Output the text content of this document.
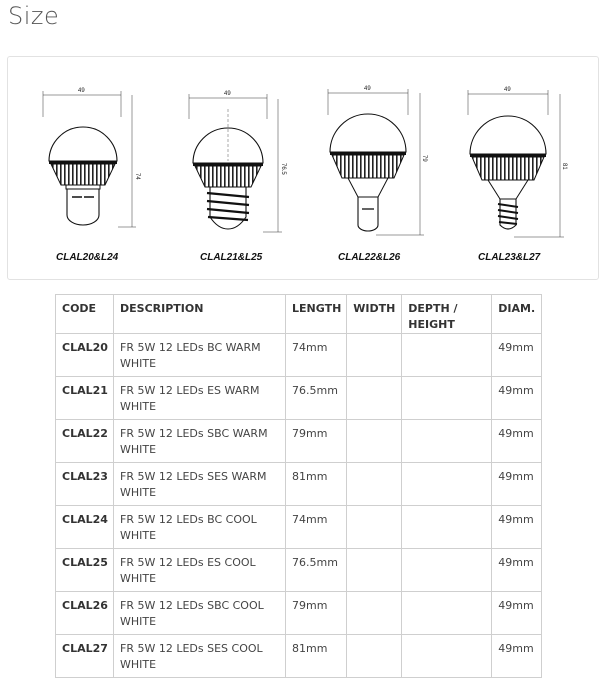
Size
49
74
CLAL20&L24
49
76.5
CLAL21&L25
49
79
CLAL22&L26
49
81
CLAL23&L27
CODE	DESCRIPTION	LENGTH	WIDTH	DEPTH / HEIGHT	DIAM.
CLAL20	FR 5W 12 LEDs BC WARM WHITE	74mm			49mm
CLAL21	FR 5W 12 LEDs ES WARM WHITE	76.5mm			49mm
CLAL22	FR 5W 12 LEDs SBC WARM WHITE	79mm			49mm
CLAL23	FR 5W 12 LEDs SES WARM WHITE	81mm			49mm
CLAL24	FR 5W 12 LEDs BC COOL WHITE	74mm			49mm
CLAL25	FR 5W 12 LEDs ES COOL WHITE	76.5mm			49mm
CLAL26	FR 5W 12 LEDs SBC COOL WHITE	79mm			49mm
CLAL27	FR 5W 12 LEDs SES COOL WHITE	81mm			49mm
